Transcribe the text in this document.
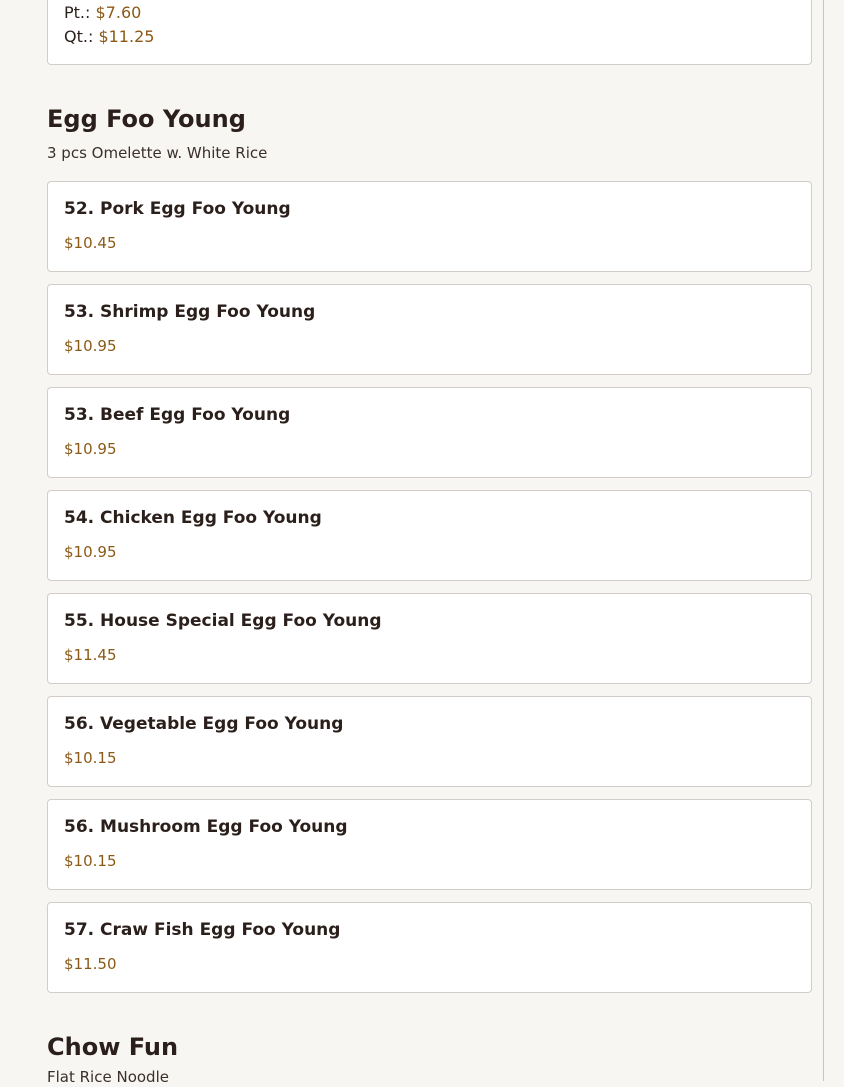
Pt.: $7.60
Qt.: $11.25
Egg Foo Young

3 pcs Omelette w. White Rice

52. Pork Egg Foo Young
$10.45
53. Shrimp Egg Foo Young
$10.95
53. Beef Egg Foo Young
$10.95
54. Chicken Egg Foo Young
$10.95
55. House Special Egg Foo Young
$11.45
56. Vegetable Egg Foo Young
$10.15
56. Mushroom Egg Foo Young
$10.15
57. Craw Fish Egg Foo Young
$11.50
Chow Fun

Flat Rice Noodle
